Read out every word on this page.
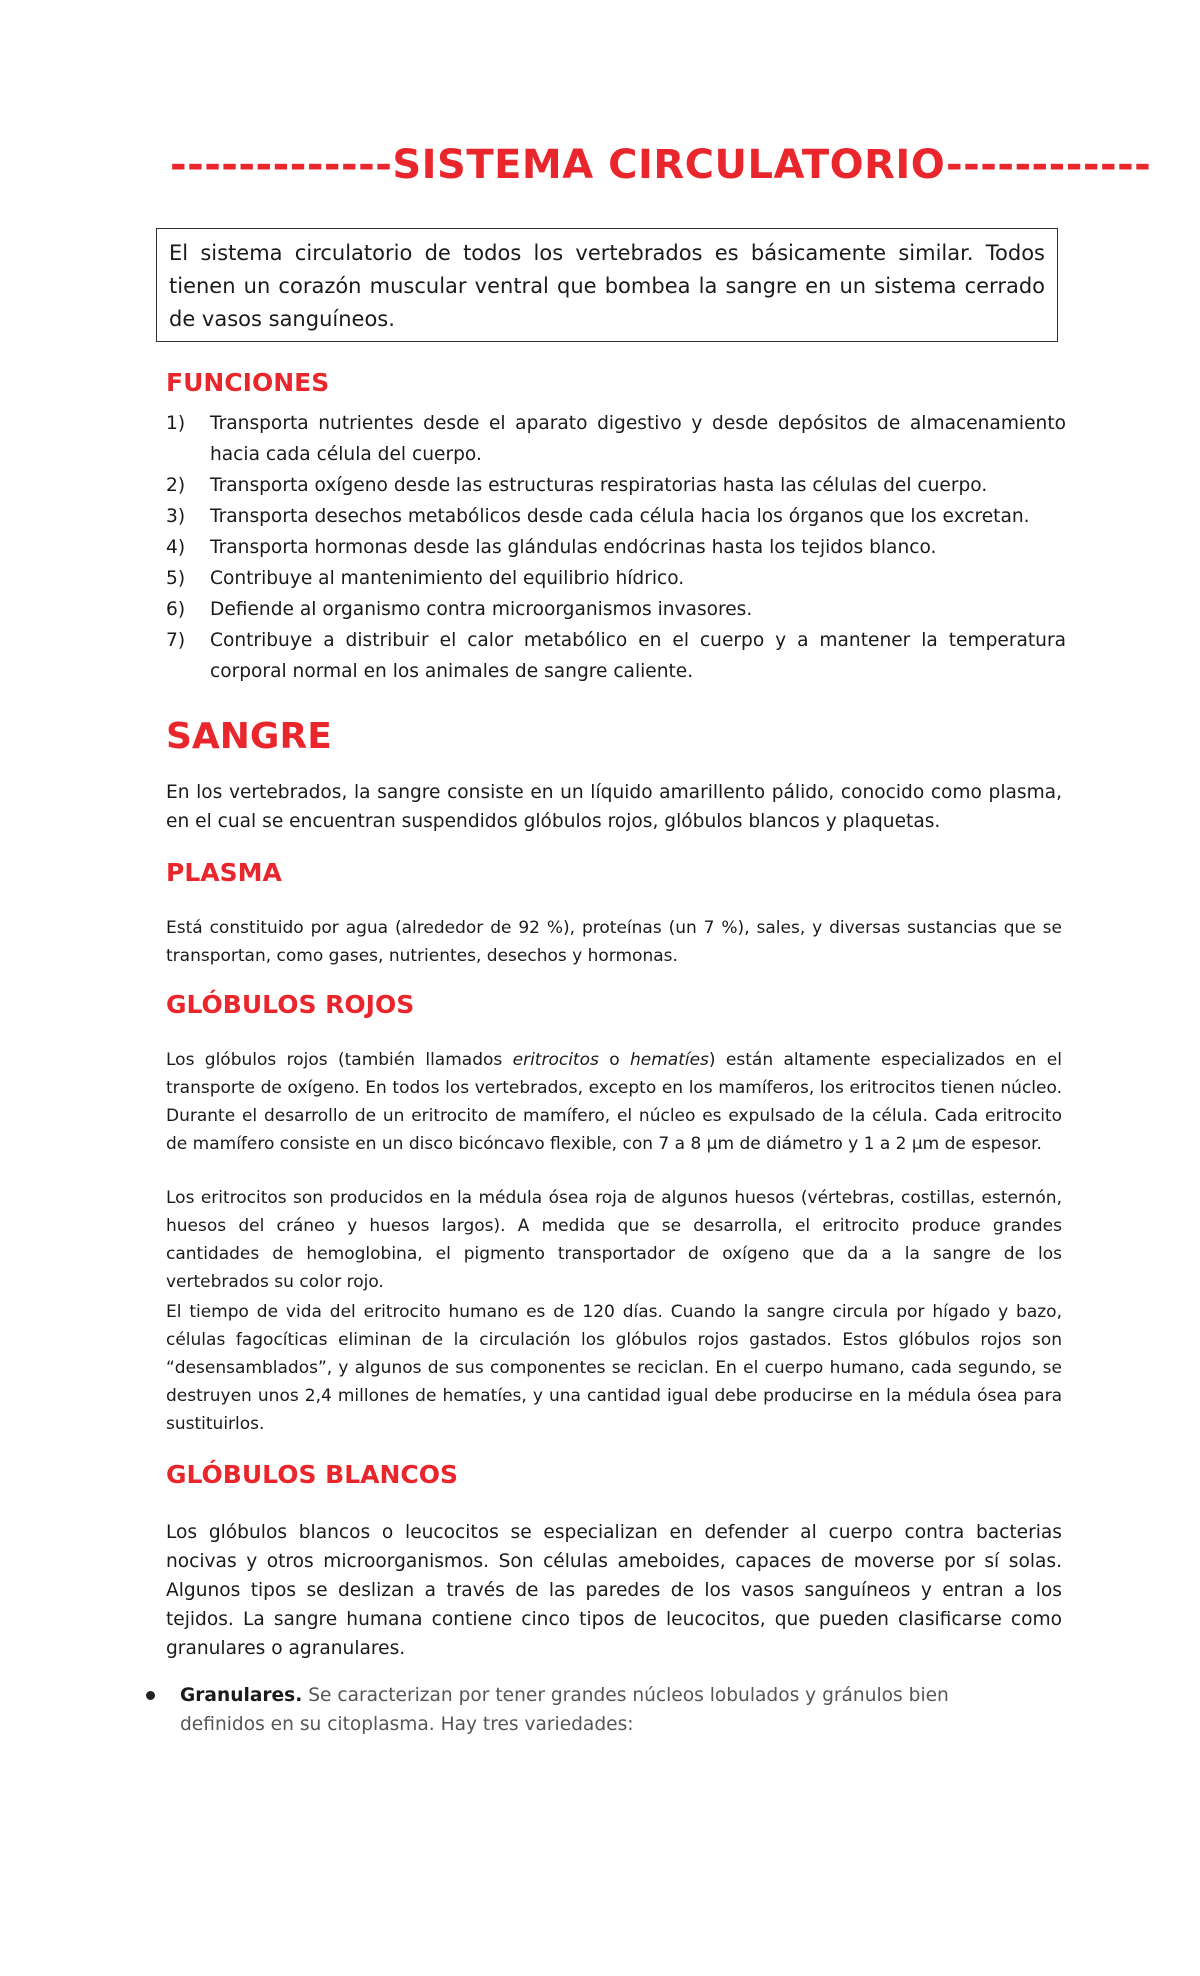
-------------SISTEMA CIRCULATORIO------------
El sistema circulatorio de todos los vertebrados es básicamente similar. Todos tienen un corazón muscular ventral que bombea la sangre en un sistema cerrado de vasos sanguíneos.
FUNCIONES
1)	Transporta nutrientes desde el aparato digestivo y desde depósitos de almacenamiento hacia cada célula del cuerpo.
2)	Transporta oxígeno desde las estructuras respiratorias hasta las células del cuerpo.
3)	Transporta desechos metabólicos desde cada célula hacia los órganos que los excretan.
4)	Transporta hormonas desde las glándulas endócrinas hasta los tejidos blanco.
5)	Contribuye al mantenimiento del equilibrio hídrico.
6)	Defiende al organismo contra microorganismos invasores.
7)	Contribuye a distribuir el calor metabólico en el cuerpo y a mantener la temperatura corporal normal en los animales de sangre caliente.
SANGRE

En los vertebrados, la sangre consiste en un líquido amarillento pálido, conocido como plasma, en el cual se encuentran suspendidos glóbulos rojos, glóbulos blancos y plaquetas.

PLASMA

Está constituido por agua (alrededor de 92 %), proteínas (un 7 %), sales, y diversas sustancias que se transportan, como gases, nutrientes, desechos y hormonas.

GLÓBULOS ROJOS

Los glóbulos rojos (también llamados eritrocitos o hematíes) están altamente especializados en el transporte de oxígeno. En todos los vertebrados, excepto en los mamíferos, los eritrocitos tienen núcleo. Durante el desarrollo de un eritrocito de mamífero, el núcleo es expulsado de la célula. Cada eritrocito de mamífero consiste en un disco bicóncavo flexible, con 7 a 8 µm de diámetro y 1 a 2 µm de espesor.

Los eritrocitos son producidos en la médula ósea roja de algunos huesos (vértebras, costillas, esternón, huesos del cráneo y huesos largos). A medida que se desarrolla, el eritrocito produce grandes cantidades de hemoglobina, el pigmento transportador de oxígeno que da a la sangre de los vertebrados su color rojo.

El tiempo de vida del eritrocito humano es de 120 días. Cuando la sangre circula por hígado y bazo, células fagocíticas eliminan de la circulación los glóbulos rojos gastados. Estos glóbulos rojos son “desensamblados”, y algunos de sus componentes se reciclan. En el cuerpo humano, cada segundo, se destruyen unos 2,4 millones de hematíes, y una cantidad igual debe producirse en la médula ósea para sustituirlos.

GLÓBULOS BLANCOS

Los glóbulos blancos o leucocitos se especializan en defender al cuerpo contra bacterias nocivas y otros microorganismos. Son células ameboides, capaces de moverse por sí solas. Algunos tipos se deslizan a través de las paredes de los vasos sanguíneos y entran a los tejidos. La sangre humana contiene cinco tipos de leucocitos, que pueden clasificarse como granulares o agranulares.

Granulares. Se caracterizan por tener grandes núcleos lobulados y gránulos bien definidos en su citoplasma. Hay tres variedades:
